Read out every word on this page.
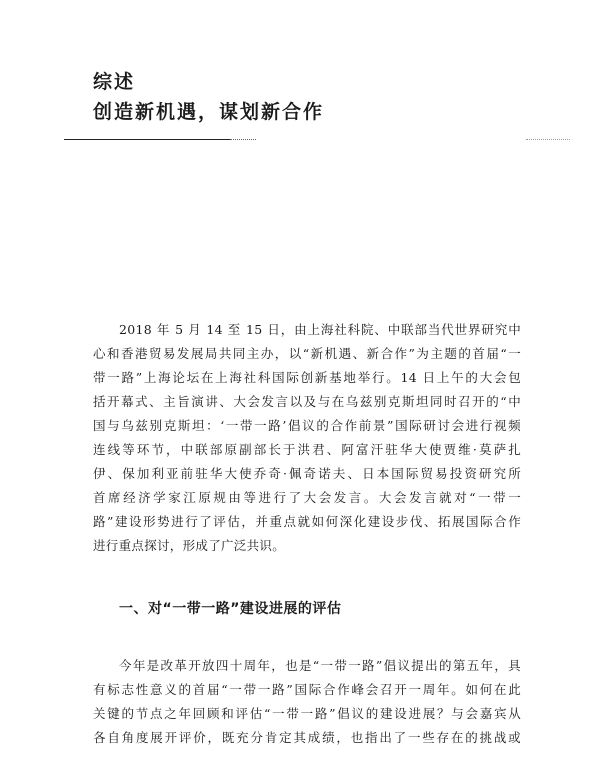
综述
创造新机遇，谋划新合作

2018 年 5 月 14 至 15 日，由上海社科院、中联部当代世界研究中
心和香港贸易发展局共同主办，以“新机遇、新合作”为主题的首届“一
带一路”上海论坛在上海社科国际创新基地举行。14 日上午的大会包
括开幕式、主旨演讲、大会发言以及与在乌兹别克斯坦同时召开的“中
国与乌兹别克斯坦：‘一带一路’倡议的合作前景”国际研讨会进行视频
连线等环节，中联部原副部长于洪君、阿富汗驻华大使贾维·莫萨扎
伊、保加利亚前驻华大使乔奇·佩奇诺夫、日本国际贸易投资研究所
首席经济学家江原规由等进行了大会发言。大会发言就对“一带一
路”建设形势进行了评估，并重点就如何深化建设步伐、拓展国际合作
进行重点探讨，形成了广泛共识。

一、对“一带一路”建设进展的评估

今年是改革开放四十周年，也是“一带一路”倡议提出的第五年，具
有标志性意义的首届“一带一路”国际合作峰会召开一周年。如何在此
关键的节点之年回顾和评估“一带一路”倡议的建设进展？与会嘉宾从
各自角度展开评价，既充分肯定其成绩，也指出了一些存在的挑战或
